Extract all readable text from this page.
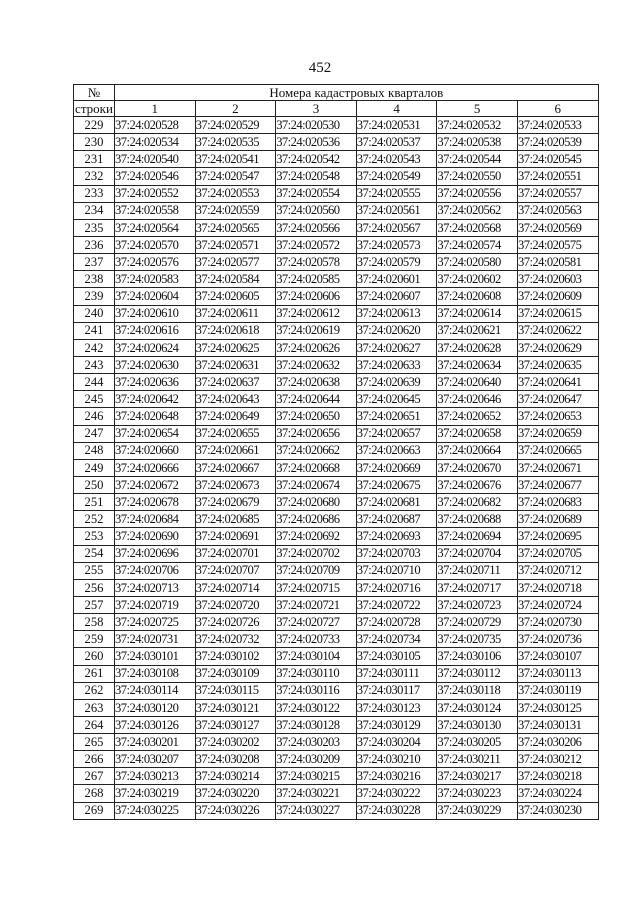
452
№	Номера кадастровых кварталов					
строки	1	2	3	4	5	6
229	37:24:020528	37:24:020529	37:24:020530	37:24:020531	37:24:020532	37:24:020533
230	37:24:020534	37:24:020535	37:24:020536	37:24:020537	37:24:020538	37:24:020539
231	37:24:020540	37:24:020541	37:24:020542	37:24:020543	37:24:020544	37:24:020545
232	37:24:020546	37:24:020547	37:24:020548	37:24:020549	37:24:020550	37:24:020551
233	37:24:020552	37:24:020553	37:24:020554	37:24:020555	37:24:020556	37:24:020557
234	37:24:020558	37:24:020559	37:24:020560	37:24:020561	37:24:020562	37:24:020563
235	37:24:020564	37:24:020565	37:24:020566	37:24:020567	37:24:020568	37:24:020569
236	37:24:020570	37:24:020571	37:24:020572	37:24:020573	37:24:020574	37:24:020575
237	37:24:020576	37:24:020577	37:24:020578	37:24:020579	37:24:020580	37:24:020581
238	37:24:020583	37:24:020584	37:24:020585	37:24:020601	37:24:020602	37:24:020603
239	37:24:020604	37:24:020605	37:24:020606	37:24:020607	37:24:020608	37:24:020609
240	37:24:020610	37:24:020611	37:24:020612	37:24:020613	37:24:020614	37:24:020615
241	37:24:020616	37:24:020618	37:24:020619	37:24:020620	37:24:020621	37:24:020622
242	37:24:020624	37:24:020625	37:24:020626	37:24:020627	37:24:020628	37:24:020629
243	37:24:020630	37:24:020631	37:24:020632	37:24:020633	37:24:020634	37:24:020635
244	37:24:020636	37:24:020637	37:24:020638	37:24:020639	37:24:020640	37:24:020641
245	37:24:020642	37:24:020643	37:24:020644	37:24:020645	37:24:020646	37:24:020647
246	37:24:020648	37:24:020649	37:24:020650	37:24:020651	37:24:020652	37:24:020653
247	37:24:020654	37:24:020655	37:24:020656	37:24:020657	37:24:020658	37:24:020659
248	37:24:020660	37:24:020661	37:24:020662	37:24:020663	37:24:020664	37:24:020665
249	37:24:020666	37:24:020667	37:24:020668	37:24:020669	37:24:020670	37:24:020671
250	37:24:020672	37:24:020673	37:24:020674	37:24:020675	37:24:020676	37:24:020677
251	37:24:020678	37:24:020679	37:24:020680	37:24:020681	37:24:020682	37:24:020683
252	37:24:020684	37:24:020685	37:24:020686	37:24:020687	37:24:020688	37:24:020689
253	37:24:020690	37:24:020691	37:24:020692	37:24:020693	37:24:020694	37:24:020695
254	37:24:020696	37:24:020701	37:24:020702	37:24:020703	37:24:020704	37:24:020705
255	37:24:020706	37:24:020707	37:24:020709	37:24:020710	37:24:020711	37:24:020712
256	37:24:020713	37:24:020714	37:24:020715	37:24:020716	37:24:020717	37:24:020718
257	37:24:020719	37:24:020720	37:24:020721	37:24:020722	37:24:020723	37:24:020724
258	37:24:020725	37:24:020726	37:24:020727	37:24:020728	37:24:020729	37:24:020730
259	37:24:020731	37:24:020732	37:24:020733	37:24:020734	37:24:020735	37:24:020736
260	37:24:030101	37:24:030102	37:24:030104	37:24:030105	37:24:030106	37:24:030107
261	37:24:030108	37:24:030109	37:24:030110	37:24:030111	37:24:030112	37:24:030113
262	37:24:030114	37:24:030115	37:24:030116	37:24:030117	37:24:030118	37:24:030119
263	37:24:030120	37:24:030121	37:24:030122	37:24:030123	37:24:030124	37:24:030125
264	37:24:030126	37:24:030127	37:24:030128	37:24:030129	37:24:030130	37:24:030131
265	37:24:030201	37:24:030202	37:24:030203	37:24:030204	37:24:030205	37:24:030206
266	37:24:030207	37:24:030208	37:24:030209	37:24:030210	37:24:030211	37:24:030212
267	37:24:030213	37:24:030214	37:24:030215	37:24:030216	37:24:030217	37:24:030218
268	37:24:030219	37:24:030220	37:24:030221	37:24:030222	37:24:030223	37:24:030224
269	37:24:030225	37:24:030226	37:24:030227	37:24:030228	37:24:030229	37:24:030230
